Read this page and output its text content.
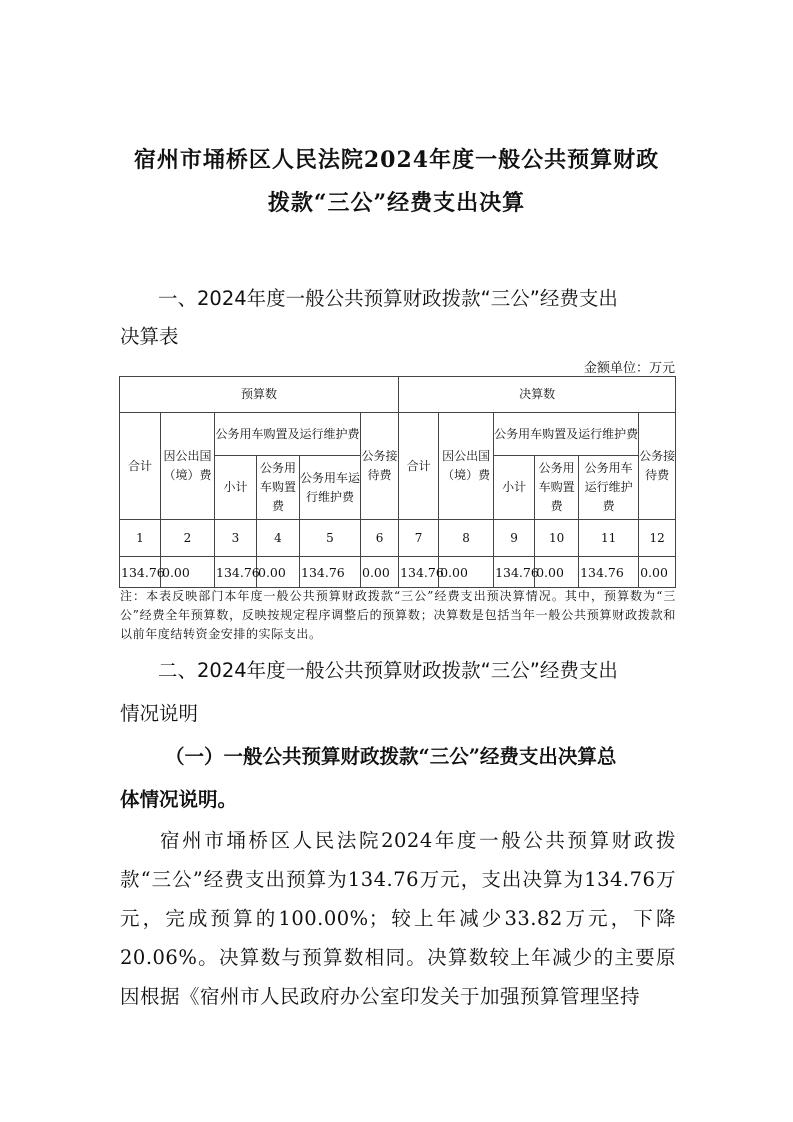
宿州市埇桥区人民法院2024年度一般公共预算财政
拨款“三公”经费支出决算
一、2024年度一般公共预算财政拨款“三公”经费支出
决算表
金额单位：万元
预算数						决算数					
合计	因公出国（境）费	公务用车购置及运行维护费			公务接待费	合计	因公出国（境）费	公务用车购置及运行维护费			公务接待费
		小计	公务用车购置费	公务用车运行维护费				小计	公务用车购置费	公务用车运行维护费	
1	2	3	4	5	6	7	8	9	10	11	12
134.76	0.00	134.76	0.00	134.76	0.00	134.76	0.00	134.76	0.00	134.76	0.00
注：本表反映部门本年度一般公共预算财政拨款“三公”经费支出预决算情况。其中，预算数为“三公”经费全年预算数，反映按规定程序调整后的预算数；决算数是包括当年一般公共预算财政拨款和以前年度结转资金安排的实际支出。
二、2024年度一般公共预算财政拨款“三公”经费支出
情况说明
（一）一般公共预算财政拨款“三公”经费支出决算总
体情况说明。
宿州市埇桥区人民法院2024年度一般公共预算财政拨款“三公”经费支出预算为134.76万元，支出决算为134.76万元，完成预算的100.00%；较上年减少33.82万元，下降20.06%。决算数与预算数相同。决算数较上年减少的主要原因根据《宿州市人民政府办公室印发关于加强预算管理坚持
